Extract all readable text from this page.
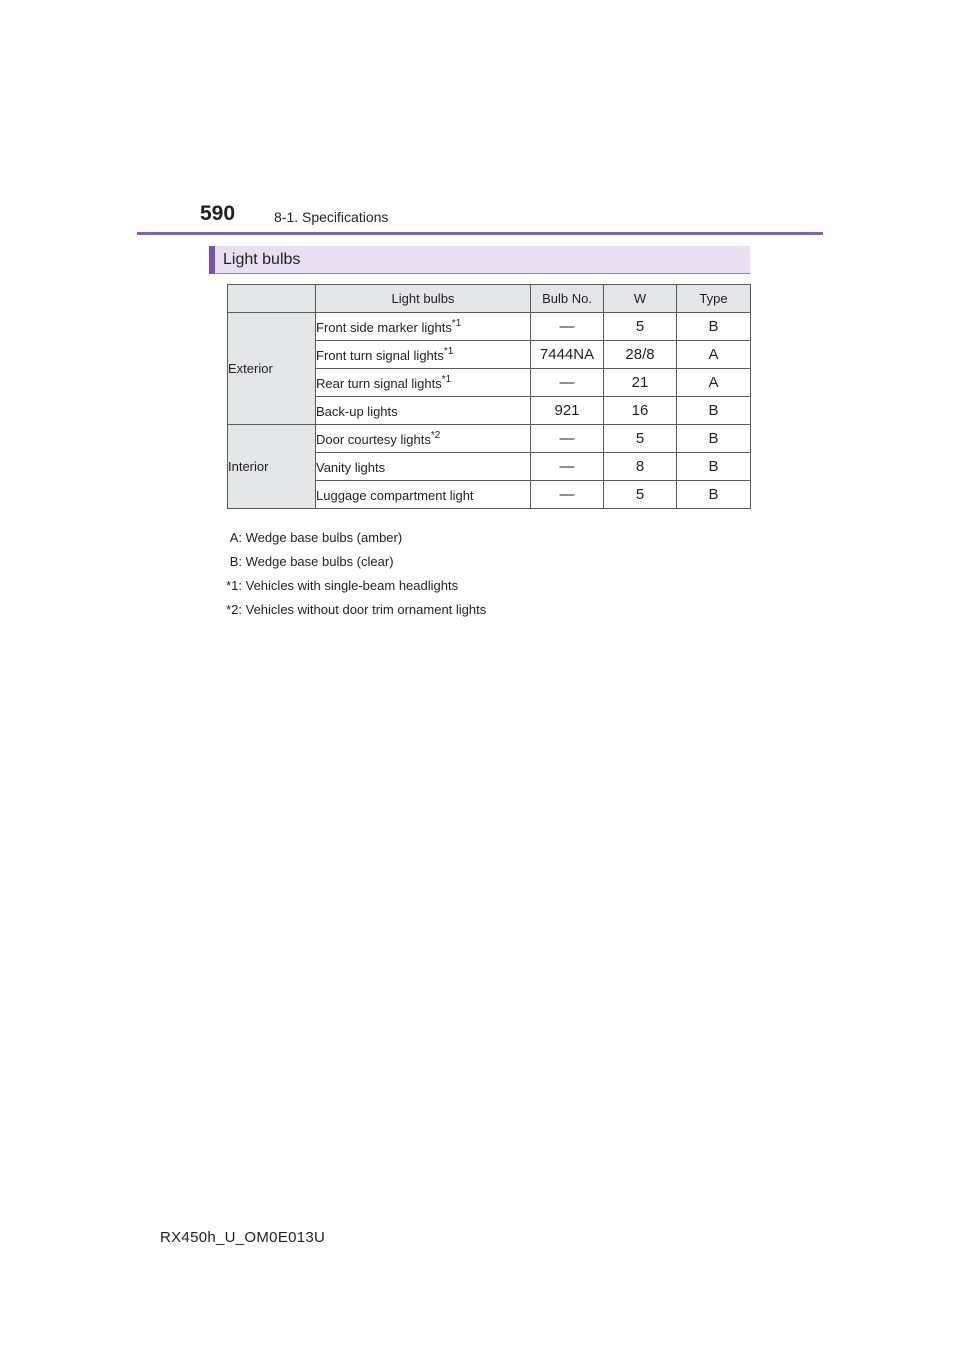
590	8-1. Specifications
Light bulbs
	Light bulbs	Bulb No.	W	Type
Exterior	Front side marker lights$^{*1}$	—	5	B
	Front turn signal lights$^{*1}$	7444NA	28/8	A
	Rear turn signal lights$^{*1}$	—	21	A
	Back-up lights	921	16	B
Interior	Door courtesy lights$^{*2}$	—	5	B
	Vanity lights	—	8	B
	Luggage compartment light	—	5	B
A: Wedge base bulbs (amber)
B: Wedge base bulbs (clear)
*1: Vehicles with single-beam headlights
*2: Vehicles without door trim ornament lights
RX450h_U_OM0E013U
